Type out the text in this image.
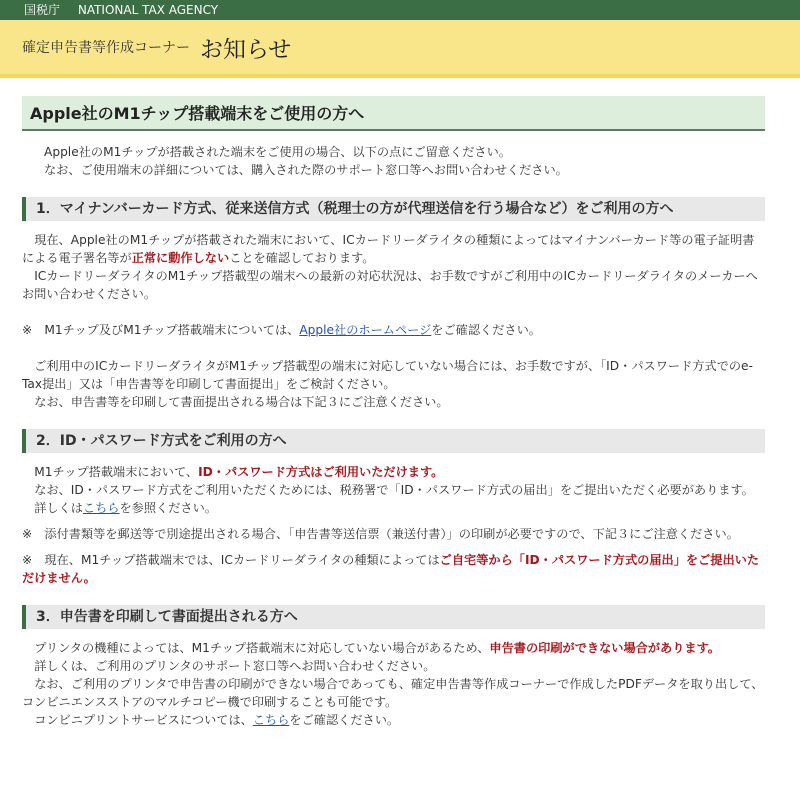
国税庁 NATIONAL TAX AGENCY
確定申告書等作成コーナー お知らせ
Apple社のM1チップ搭載端末をご使用の方へ

Apple社のM1チップが搭載された端末をご使用の場合、以下の点にご留意ください。

なお、ご使用端末の詳細については、購入された際のサポート窓口等へお問い合わせください。

1．マイナンバーカード方式、従来送信方式（税理士の方が代理送信を行う場合など）をご利用の方へ

現在、Apple社のM1チップが搭載された端末において、ICカードリーダライタの種類によってはマイナンバーカード等の電子証明書による電子署名等が正常に動作しないことを確認しております。

ICカードリーダライタのM1チップ搭載型の端末への最新の対応状況は、お手数ですがご利用中のICカードリーダライタのメーカーへお問い合わせください。

※　M1チップ及びM1チップ搭載端末については、Apple社のホームページをご確認ください。

ご利用中のICカードリーダライタがM1チップ搭載型の端末に対応していない場合には、お手数ですが、「ID・パスワード方式でのe-Tax提出」又は「申告書等を印刷して書面提出」をご検討ください。

なお、申告書等を印刷して書面提出される場合は下記３にご注意ください。

2．ID・パスワード方式をご利用の方へ

M1チップ搭載端末において、ID・パスワード方式はご利用いただけます。

なお、ID・パスワード方式をご利用いただくためには、税務署で「ID・パスワード方式の届出」をご提出いただく必要があります。

詳しくはこちらを参照ください。

※　添付書類等を郵送等で別途提出される場合、「申告書等送信票（兼送付書）」の印刷が必要ですので、下記３にご注意ください。

※　現在、M1チップ搭載端末では、ICカードリーダライタの種類によってはご自宅等から「ID・パスワード方式の届出」をご提出いただけません。

3．申告書を印刷して書面提出される方へ

プリンタの機種によっては、M1チップ搭載端末に対応していない場合があるため、申告書の印刷ができない場合があります。

詳しくは、ご利用のプリンタのサポート窓口等へお問い合わせください。

なお、ご利用のプリンタで申告書の印刷ができない場合であっても、確定申告書等作成コーナーで作成したPDFデータを取り出して、コンビニエンスストアのマルチコピー機で印刷することも可能です。

コンビニプリントサービスについては、こちらをご確認ください。
